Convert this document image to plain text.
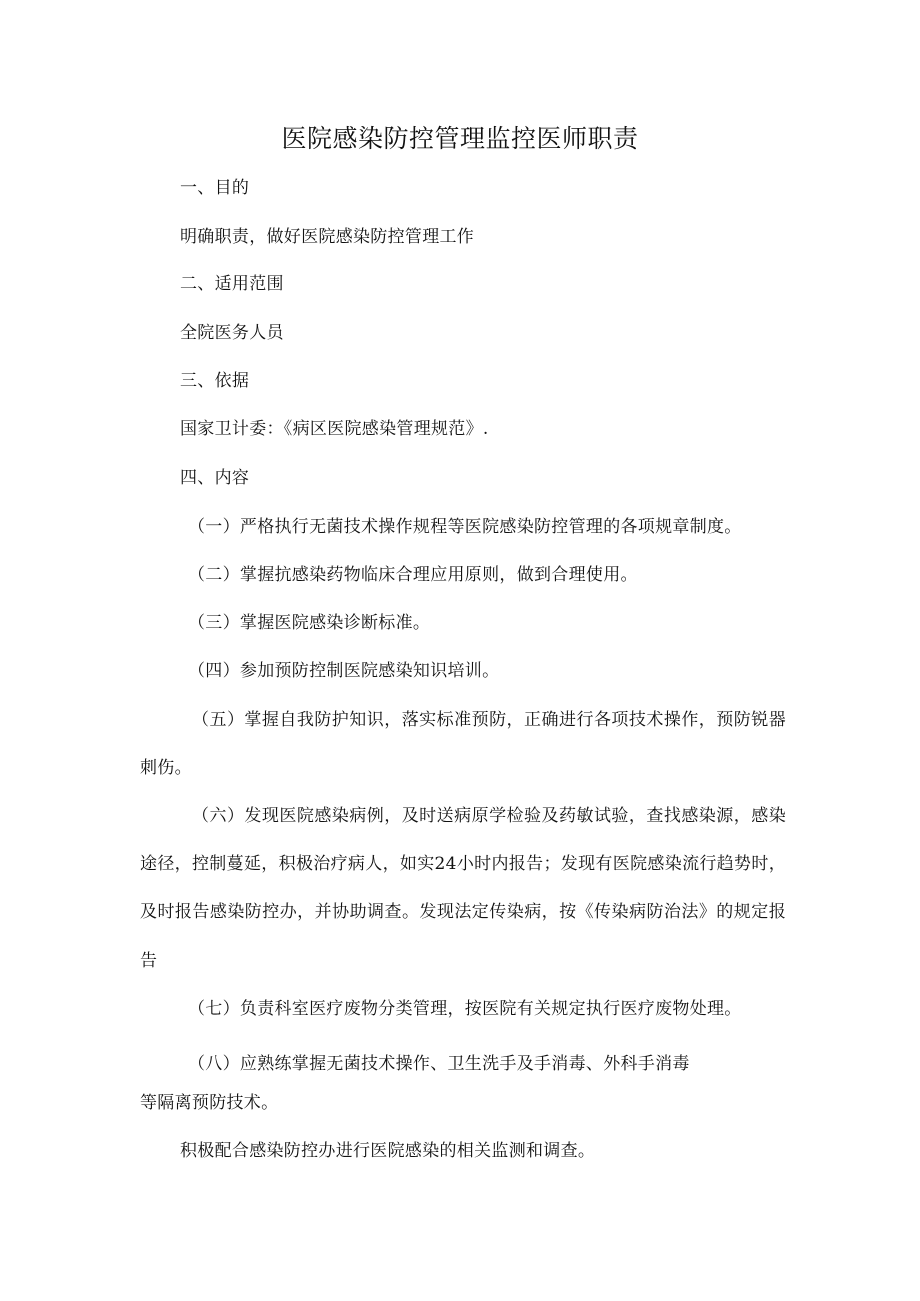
医院感染防控管理监控医师职责

一、目的

明确职责，做好医院感染防控管理工作

二、适用范围

全院医务人员

三、依据

国家卫计委：《病区医院感染管理规范》.

四、内容

（一）严格执行无菌技术操作规程等医院感染防控管理的各项规章制度。

（二）掌握抗感染药物临床合理应用原则，做到合理使用。

（三）掌握医院感染诊断标准。

（四）参加预防控制医院感染知识培训。

（五）掌握自我防护知识，落实标准预防，正确进行各项技术操作，预防锐器刺伤。

（六）发现医院感染病例，及时送病原学检验及药敏试验，查找感染源，感染途径，控制蔓延，积极治疗病人，如实24小时内报告；发现有医院感染流行趋势时，及时报告感染防控办，并协助调查。发现法定传染病，按《传染病防治法》的规定报告

（七）负责科室医疗废物分类管理，按医院有关规定执行医疗废物处理。

（八）应熟练掌握无菌技术操作、卫生洗手及手消毒、外科手消毒

等隔离预防技术。

积极配合感染防控办进行医院感染的相关监测和调查。
